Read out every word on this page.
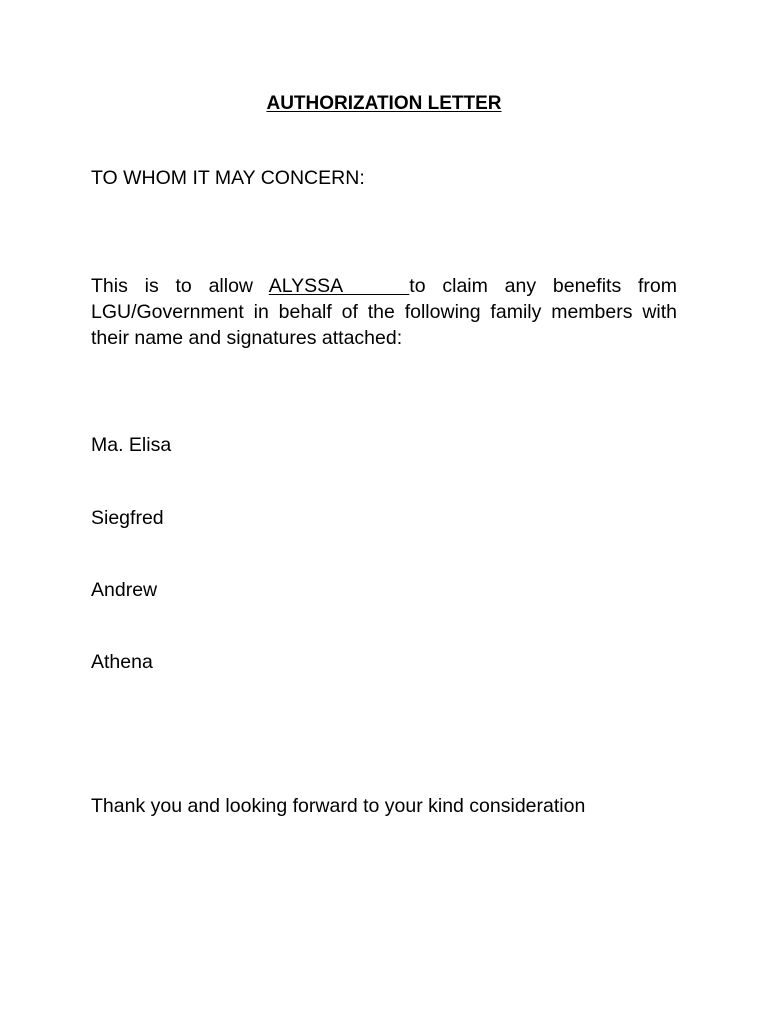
AUTHORIZATION LETTER
TO WHOM IT MAY CONCERN:
This is to allow ALYSSA    to claim any benefits from LGU/Government in behalf of the following family members with their name and signatures attached:
Ma. Elisa
Siegfred
Andrew
Athena
Thank you and looking forward to your kind consideration
